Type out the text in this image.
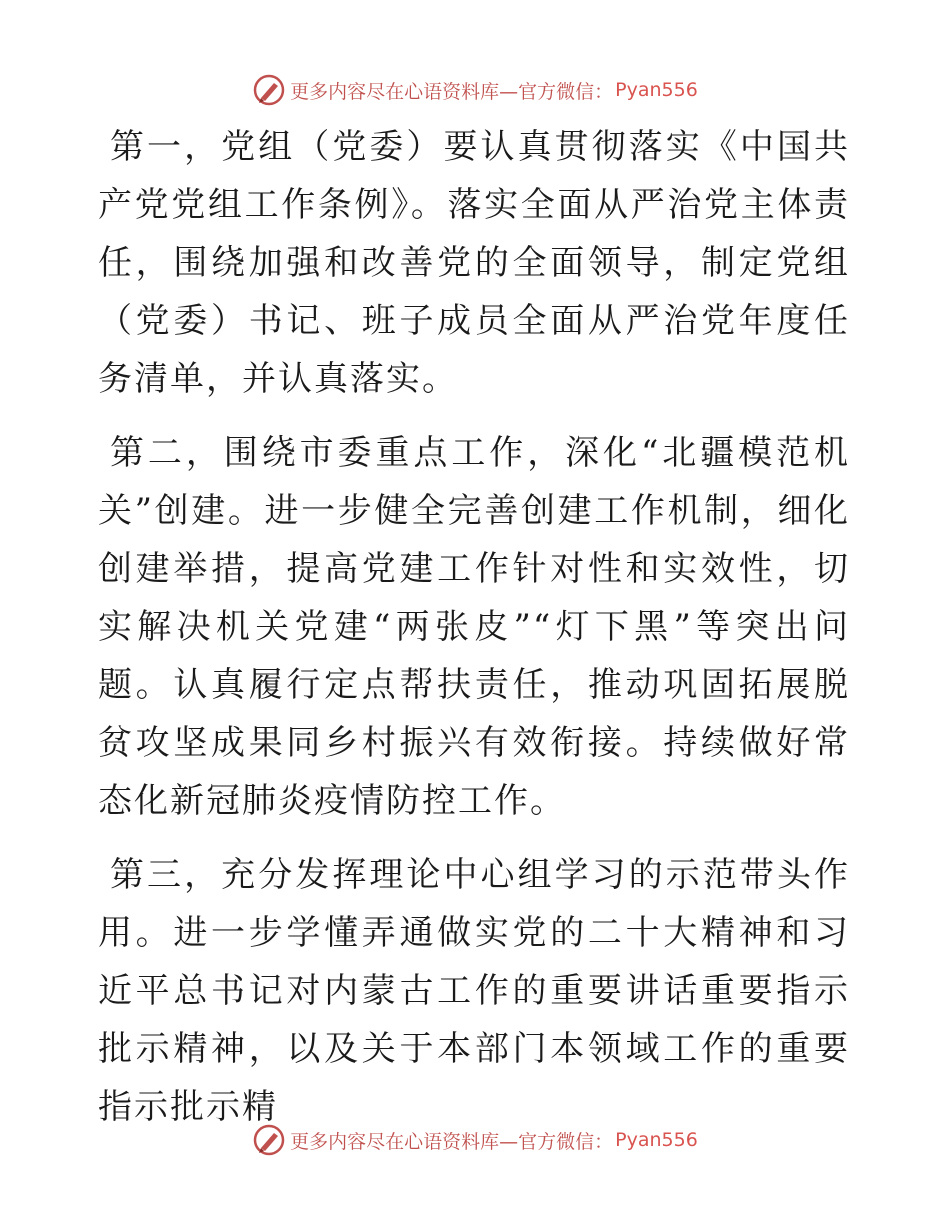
更多内容尽在心语资料库—官方微信： Pyan556

第一，党组（党委）要认真贯彻落实《中国共产党党组工作条例》。落实全面从严治党主体责任，围绕加强和改善党的全面领导，制定党组（党委）书记、班子成员全面从严治党年度任务清单，并认真落实。

第二，围绕市委重点工作，深化“北疆模范机关”创建。进一步健全完善创建工作机制，细化创建举措，提高党建工作针对性和实效性，切实解决机关党建“两张皮”“灯下黑”等突出问题。认真履行定点帮扶责任，推动巩固拓展脱贫攻坚成果同乡村振兴有效衔接。持续做好常态化新冠肺炎疫情防控工作。

第三，充分发挥理论中心组学习的示范带头作用。进一步学懂弄通做实党的二十大精神和习近平总书记对内蒙古工作的重要讲话重要指示批示精神，以及关于本部门本领域工作的重要指示批示精

更多内容尽在心语资料库—官方微信： Pyan556
